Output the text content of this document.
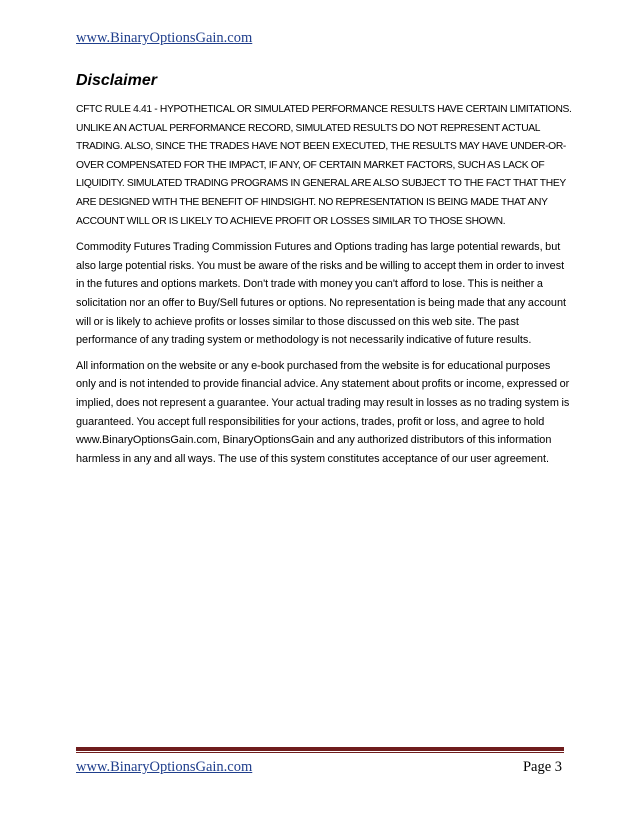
www.BinaryOptionsGain.com
Disclaimer

CFTC RULE 4.41 - HYPOTHETICAL OR SIMULATED PERFORMANCE RESULTS HAVE CERTAIN LIMITATIONS. UNLIKE AN ACTUAL PERFORMANCE RECORD, SIMULATED RESULTS DO NOT REPRESENT ACTUAL TRADING. ALSO, SINCE THE TRADES HAVE NOT BEEN EXECUTED, THE RESULTS MAY HAVE UNDER-OR-OVER COMPENSATED FOR THE IMPACT, IF ANY, OF CERTAIN MARKET FACTORS, SUCH AS LACK OF LIQUIDITY. SIMULATED TRADING PROGRAMS IN GENERAL ARE ALSO SUBJECT TO THE FACT THAT THEY ARE DESIGNED WITH THE BENEFIT OF HINDSIGHT. NO REPRESENTATION IS BEING MADE THAT ANY ACCOUNT WILL OR IS LIKELY TO ACHIEVE PROFIT OR LOSSES SIMILAR TO THOSE SHOWN.

Commodity Futures Trading Commission Futures and Options trading has large potential rewards, but also large potential risks. You must be aware of the risks and be willing to accept them in order to invest in the futures and options markets. Don't trade with money you can't afford to lose. This is neither a solicitation nor an offer to Buy/Sell futures or options. No representation is being made that any account will or is likely to achieve profits or losses similar to those discussed on this web site. The past performance of any trading system or methodology is not necessarily indicative of future results.

All information on the website or any e-book purchased from the website is for educational purposes only and is not intended to provide financial advice. Any statement about profits or income, expressed or implied, does not represent a guarantee. Your actual trading may result in losses as no trading system is guaranteed. You accept full responsibilities for your actions, trades, profit or loss, and agree to hold www.BinaryOptionsGain.com, BinaryOptionsGain and any authorized distributors of this information harmless in any and all ways. The use of this system constitutes acceptance of our user agreement.

www.BinaryOptionsGain.com	Page 3
